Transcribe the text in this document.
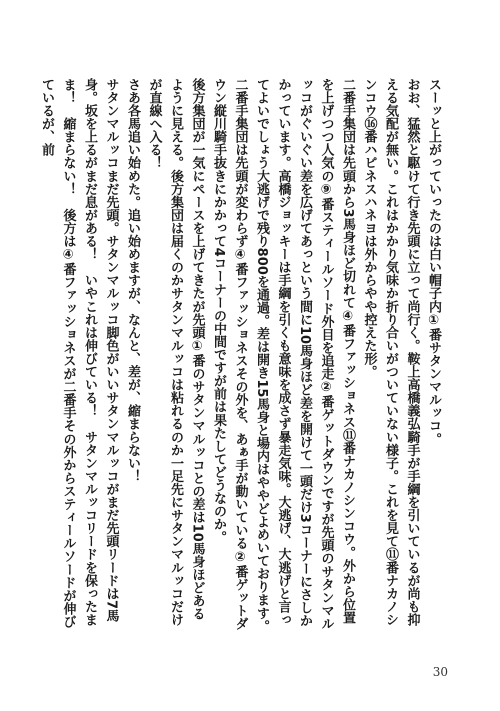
スーッと上がっていったのは白い帽子内①番サタンマルッコ。

おお、猛然と駆けて行き先頭に立って尚行く。鞍上高橋義弘騎手が手綱を引いているが尚も抑える気配が無い。これはかかり気味か折り合いがついていない様子。これを見て⑪番ナカノシンコウ⑯番ハピネスハネヨは外からやや控えた形。

二番手集団は先頭から3馬身ほど切れて④番ファッショネス⑪番ナカノシンコウ。外から位置を上げつつ人気の⑨番スティールソード外目を追走②番ゲットダウンですが先頭のサタンマルッコがぐいぐい差を広げてあっという間に10馬身ほど差を開けて一頭だけ3コーナーにさしかかっています。高橋ジョッキーは手綱を引くも意味を成さず暴走気味。大逃げ、大逃げと言ってよいでしょう大逃げで残り800を通過。差は開き15馬身と場内はややどよめいております。

二番手集団は先頭が変わらず④番ファッショネスその外を、あぁ手が動いている②番ゲットダウン縦川騎手抜きにかかって4コーナーの中間ですが前は果たしてどうなのか。

後方集団が一気にペースを上げてきたが先頭①番のサタンマルッコとの差は10馬身ほどあるように見える。後方集団は届くのかサタンマルッコは粘れるのか一足先にサタンマルッコだけが直線へ入る！

さあ各馬追い始めた。追い始めますが、なんと、差が、縮まらない！

サタンマルッコまだ先頭。サタンマルッコ脚色がいいサタンマルッコがまだ先頭リードは7馬身。坂を上るがまだ息がある！　いやこれは伸びている！　サタンマルッコリードを保ったまま！　縮まらない！　後方は④番ファッショネスが二番手その外からスティールソードが伸びているが、前

30
